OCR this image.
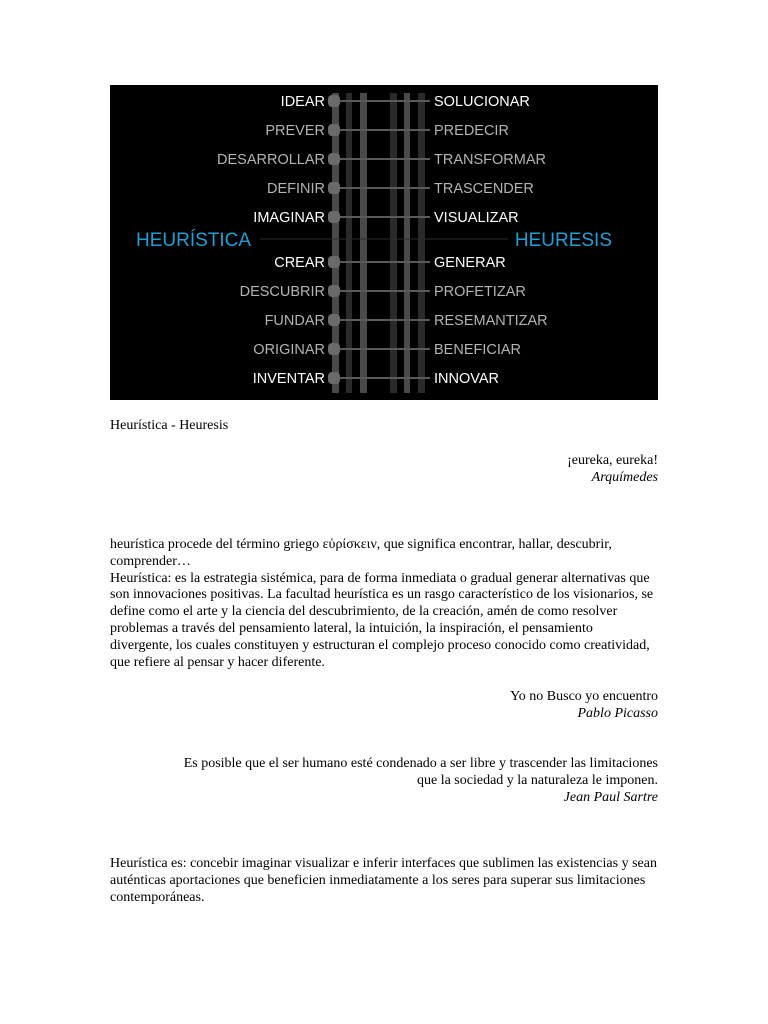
IDEAR	SOLUCIONAR
PREVER	PREDECIR
DESARROLLAR	TRANSFORMAR
DEFINIR	TRASCENDER
IMAGINAR	VISUALIZAR
CREAR	GENERAR
DESCUBRIR	PROFETIZAR
FUNDAR	RESEMANTIZAR
ORIGINAR	BENEFICIAR
INVENTAR	INNOVAR
HEURÍSTICA	HEURESIS
Heurística - Heuresis
¡eureka, eureka!
Arquímedes

heurística procede del término griego εὑρίσκειν, que significa encontrar, hallar, descubrir, comprender…

Heurística: es la estrategia sistémica, para de forma inmediata o gradual generar alternativas que son innovaciones positivas. La facultad heurística es un rasgo característico de los visionarios, se define como el arte y la ciencia del descubrimiento, de la creación, amén de como resolver problemas a través del pensamiento lateral, la intuición, la inspiración, el pensamiento divergente, los cuales constituyen y estructuran el complejo proceso conocido como creatividad, que refiere al pensar y hacer diferente.

Yo no Busco yo encuentro
Pablo Picasso
Es posible que el ser humano esté condenado a ser libre y trascender las limitaciones
que la sociedad y la naturaleza le imponen.
Jean Paul Sartre
Heurística es: concebir imaginar visualizar e inferir interfaces que sublimen las existencias y sean auténticas aportaciones que beneficien inmediatamente a los seres para superar sus limitaciones contemporáneas.
